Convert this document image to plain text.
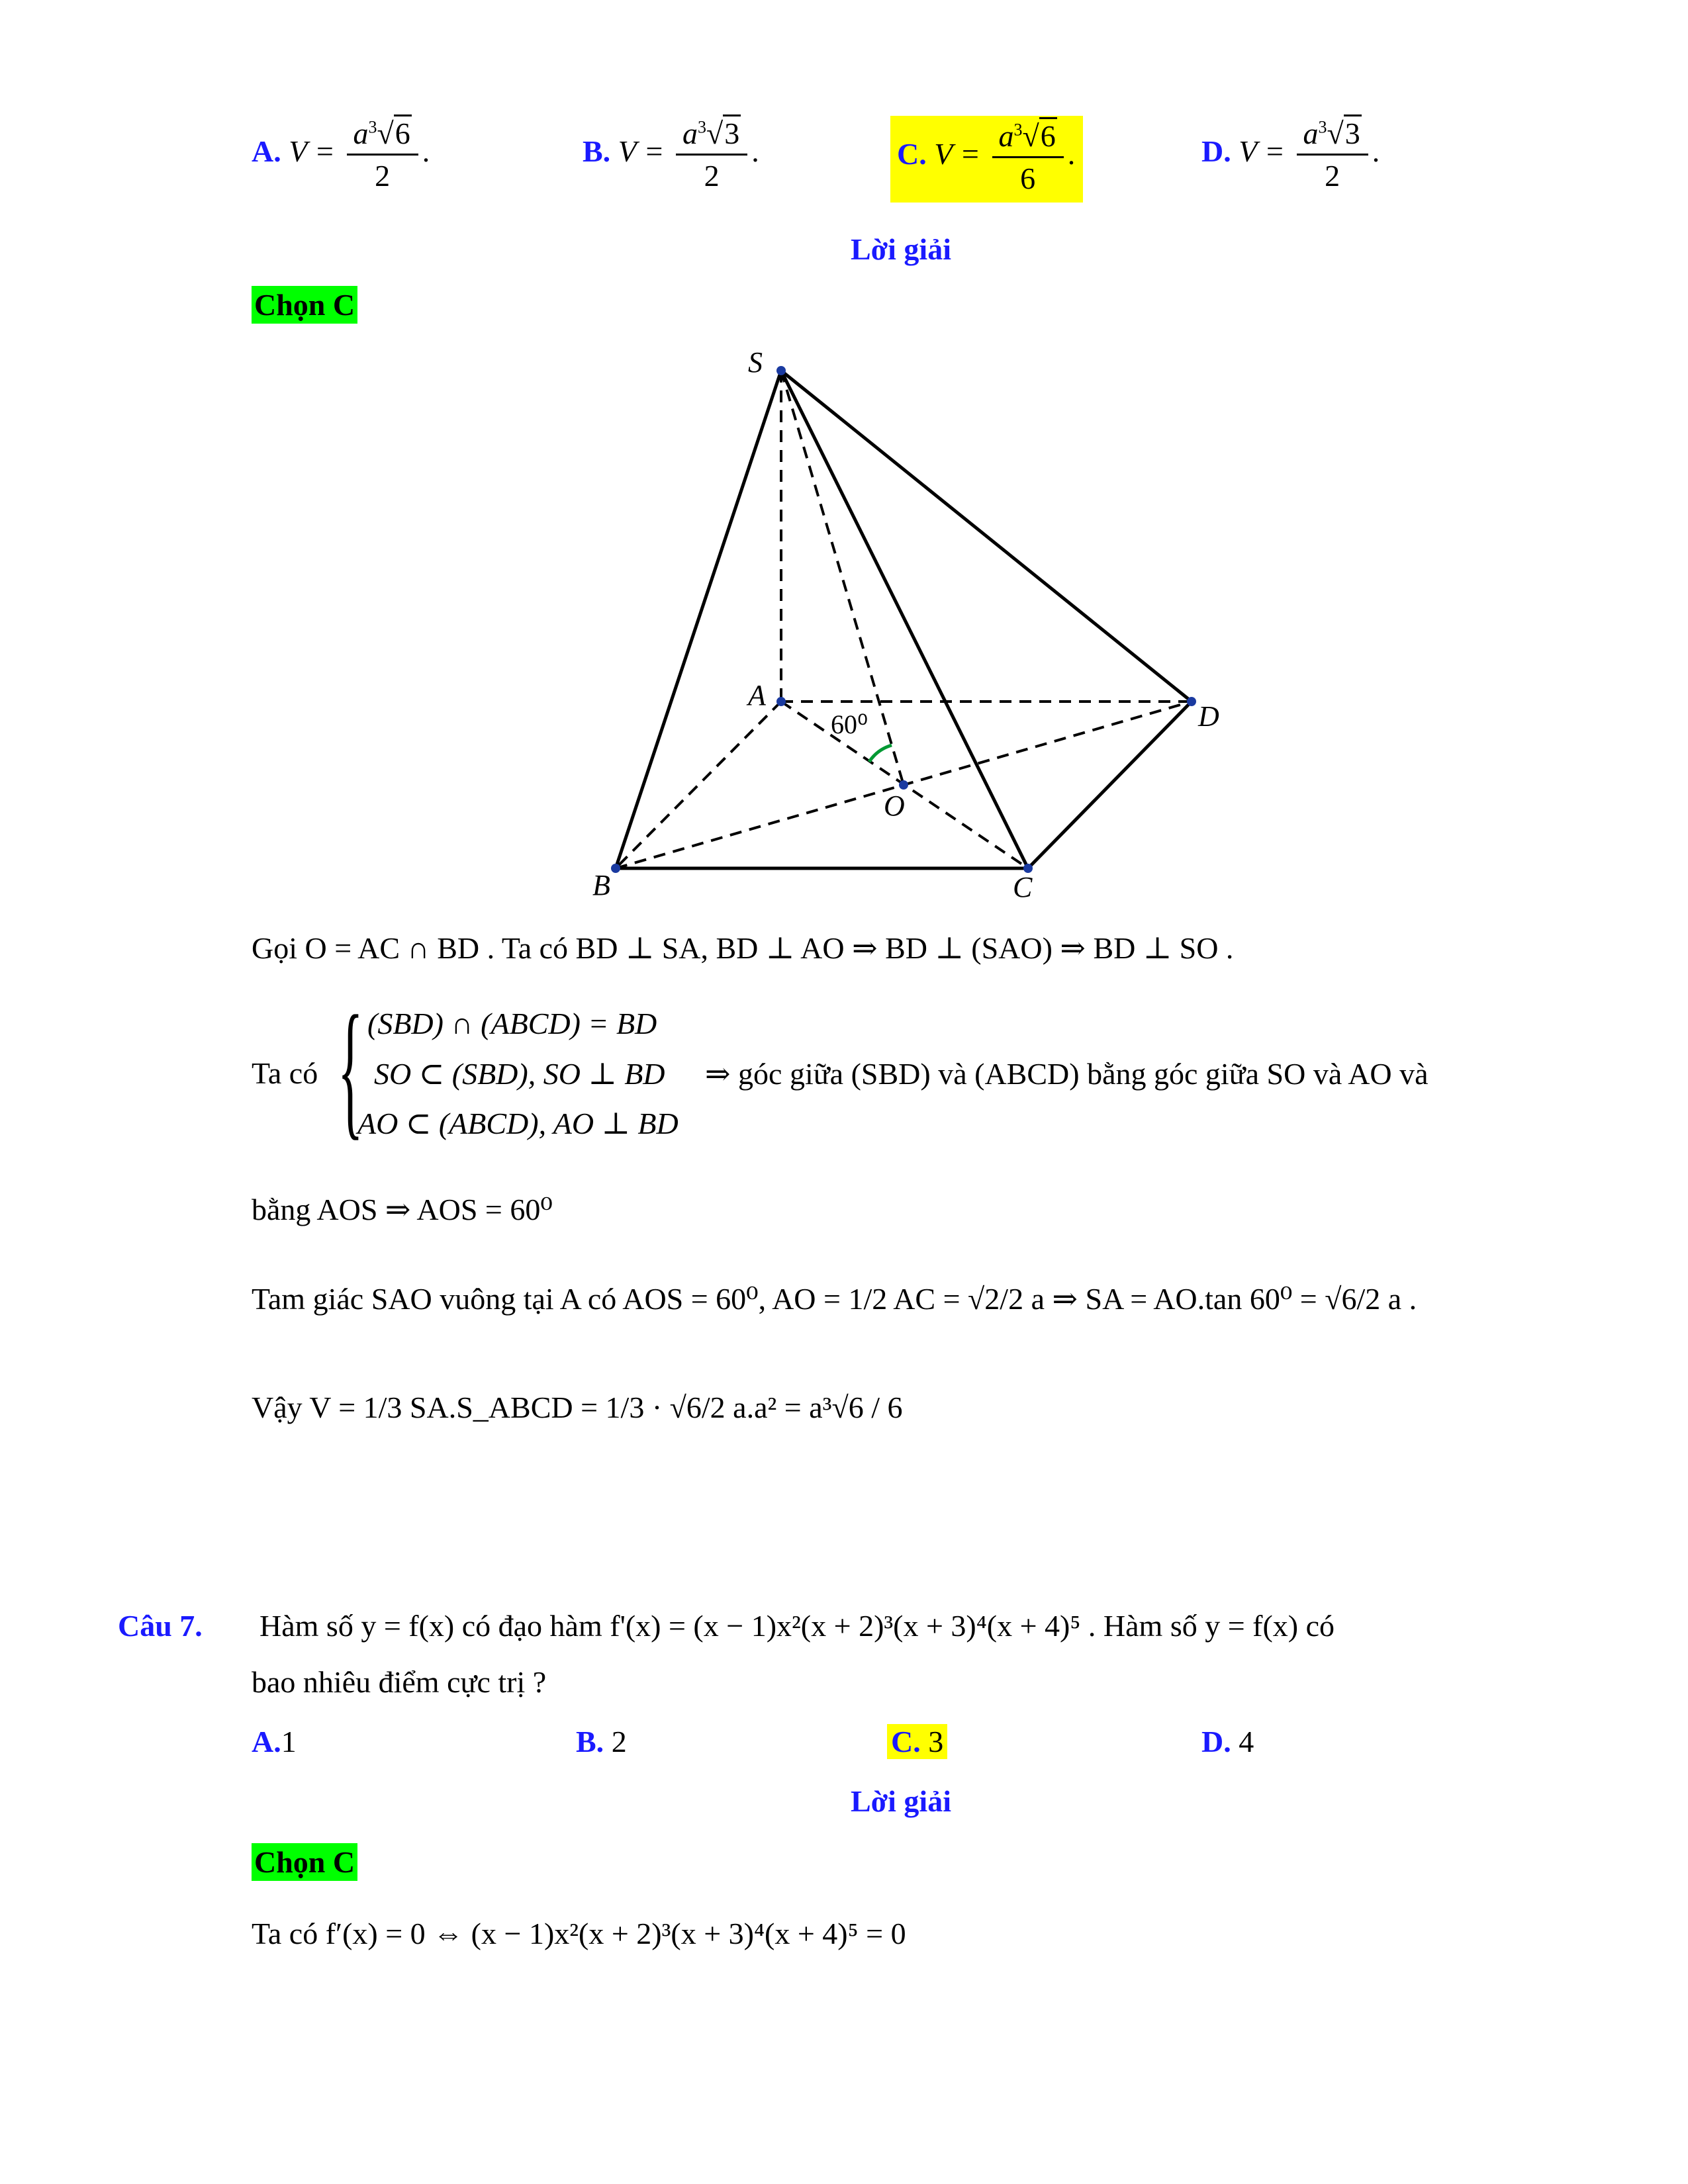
A. $V = \frac{a^3√6}{2}$ .	B. $V = \frac{a^3√3}{2}$ .	C. $V = \frac{a^3√6}{6}$ .	D. $V = \frac{a^3√3}{2}$ .
Lời giải
Chọn C
S
A
D
O
B	C
60⁰
Gọi O = AC ∩ BD . Ta có BD ⊥ SA, BD ⊥ AO ⇒ BD ⊥ (SAO) ⇒ BD ⊥ SO .
Ta có { (SBD) ∩ (ABCD) = BD
SO ⊂ (SBD), SO ⊥ BD
AO ⊂ (ABCD), AO ⊥ BD
⇒ góc giữa (SBD) và (ABCD) bằng góc giữa SO và AO và
bằng AOS ⇒ AOS = 60⁰
Tam giác SAO vuông tại A có AOS = 60⁰, AO = 1/2 AC = √2/2 a ⇒ SA = AO.tan 60⁰ = √6/2 a .
Vậy V = 1/3 SA.S_ABCD = 1/3 · √6/2 a.a² = a³√6 / 6
Câu 7. Hàm số y = f(x) có đạo hàm f'(x) = (x − 1)x²(x + 2)³(x + 3)⁴(x + 4)⁵ . Hàm số y = f(x) có
bao nhiêu điểm cực trị ?
A.1	B. 2	C. 3	D. 4
Lời giải
Chọn C
Ta có f′(x) = 0 ⇔ (x − 1)x²(x + 2)³(x + 3)⁴(x + 4)⁵ = 0
